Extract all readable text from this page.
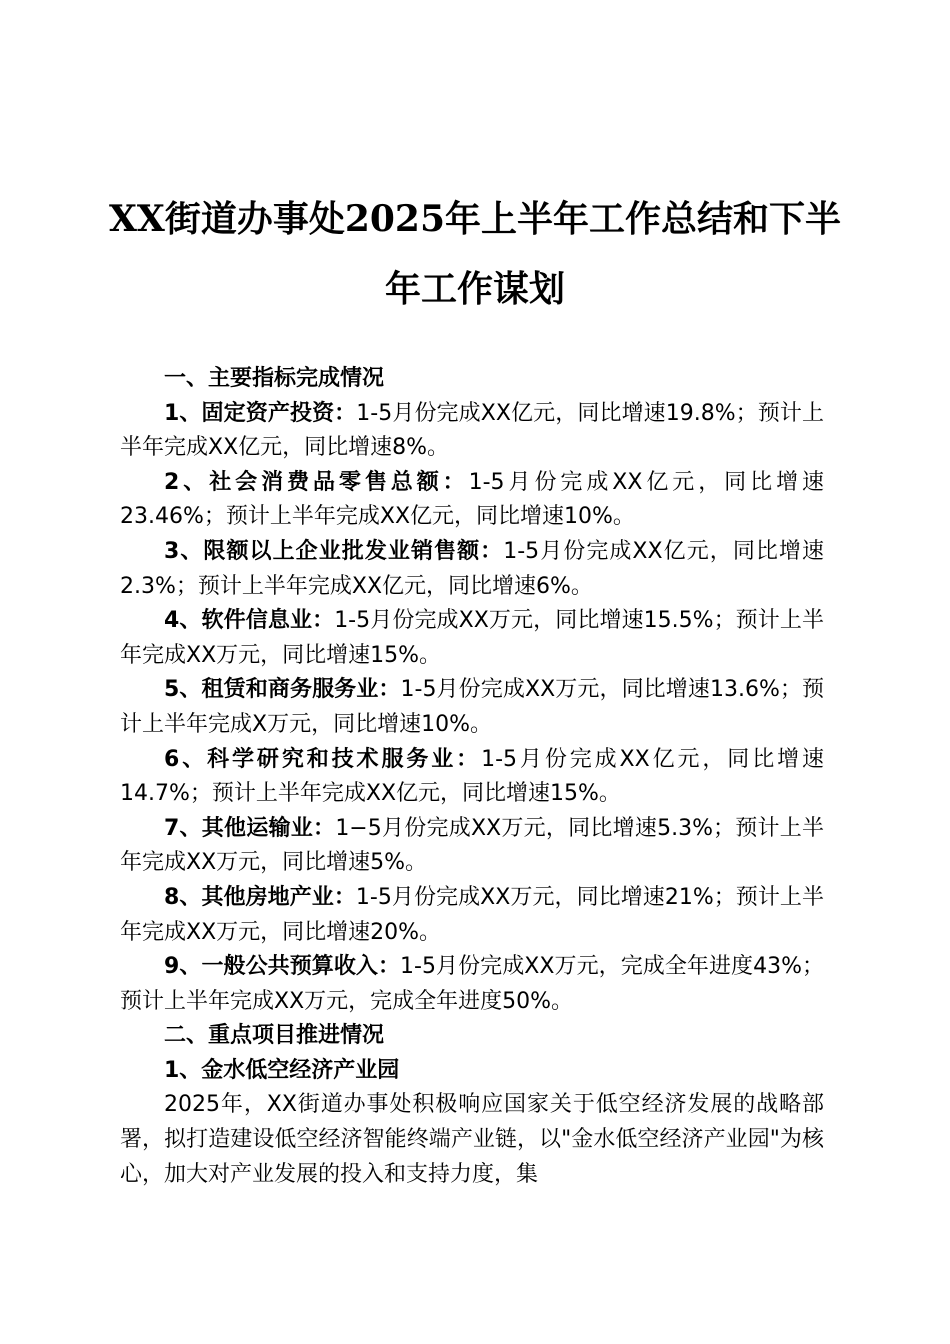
XX街道办事处2025年上半年工作总结和下半
年工作谋划

一、主要指标完成情况

1、固定资产投资：1-5月份完成XX亿元，同比增速19.8%；预计上半年完成XX亿元，同比增速8%。

2、社会消费品零售总额：1-5月份完成XX亿元，同比增速23.46%；预计上半年完成XX亿元，同比增速10%。

3、限额以上企业批发业销售额：1-5月份完成XX亿元，同比增速2.3%；预计上半年完成XX亿元，同比增速6%。

4、软件信息业：1-5月份完成XX万元，同比增速15.5%；预计上半年完成XX万元，同比增速15%。

5、租赁和商务服务业：1-5月份完成XX万元，同比增速13.6%；预计上半年完成X万元，同比增速10%。

6、科学研究和技术服务业：1-5月份完成XX亿元，同比增速14.7%；预计上半年完成XX亿元，同比增速15%。

7、其他运输业：1−5月份完成XX万元，同比增速5.3%；预计上半年完成XX万元，同比增速5%。

8、其他房地产业：1-5月份完成XX万元，同比增速21%；预计上半年完成XX万元，同比增速20%。

9、一般公共预算收入：1-5月份完成XX万元，完成全年进度43%；预计上半年完成XX万元，完成全年进度50%。

二、重点项目推进情况

1、金水低空经济产业园

2025年，XX街道办事处积极响应国家关于低空经济发展的战略部署，拟打造建设低空经济智能终端产业链，以"金水低空经济产业园"为核心，加大对产业发展的投入和支持力度，集
